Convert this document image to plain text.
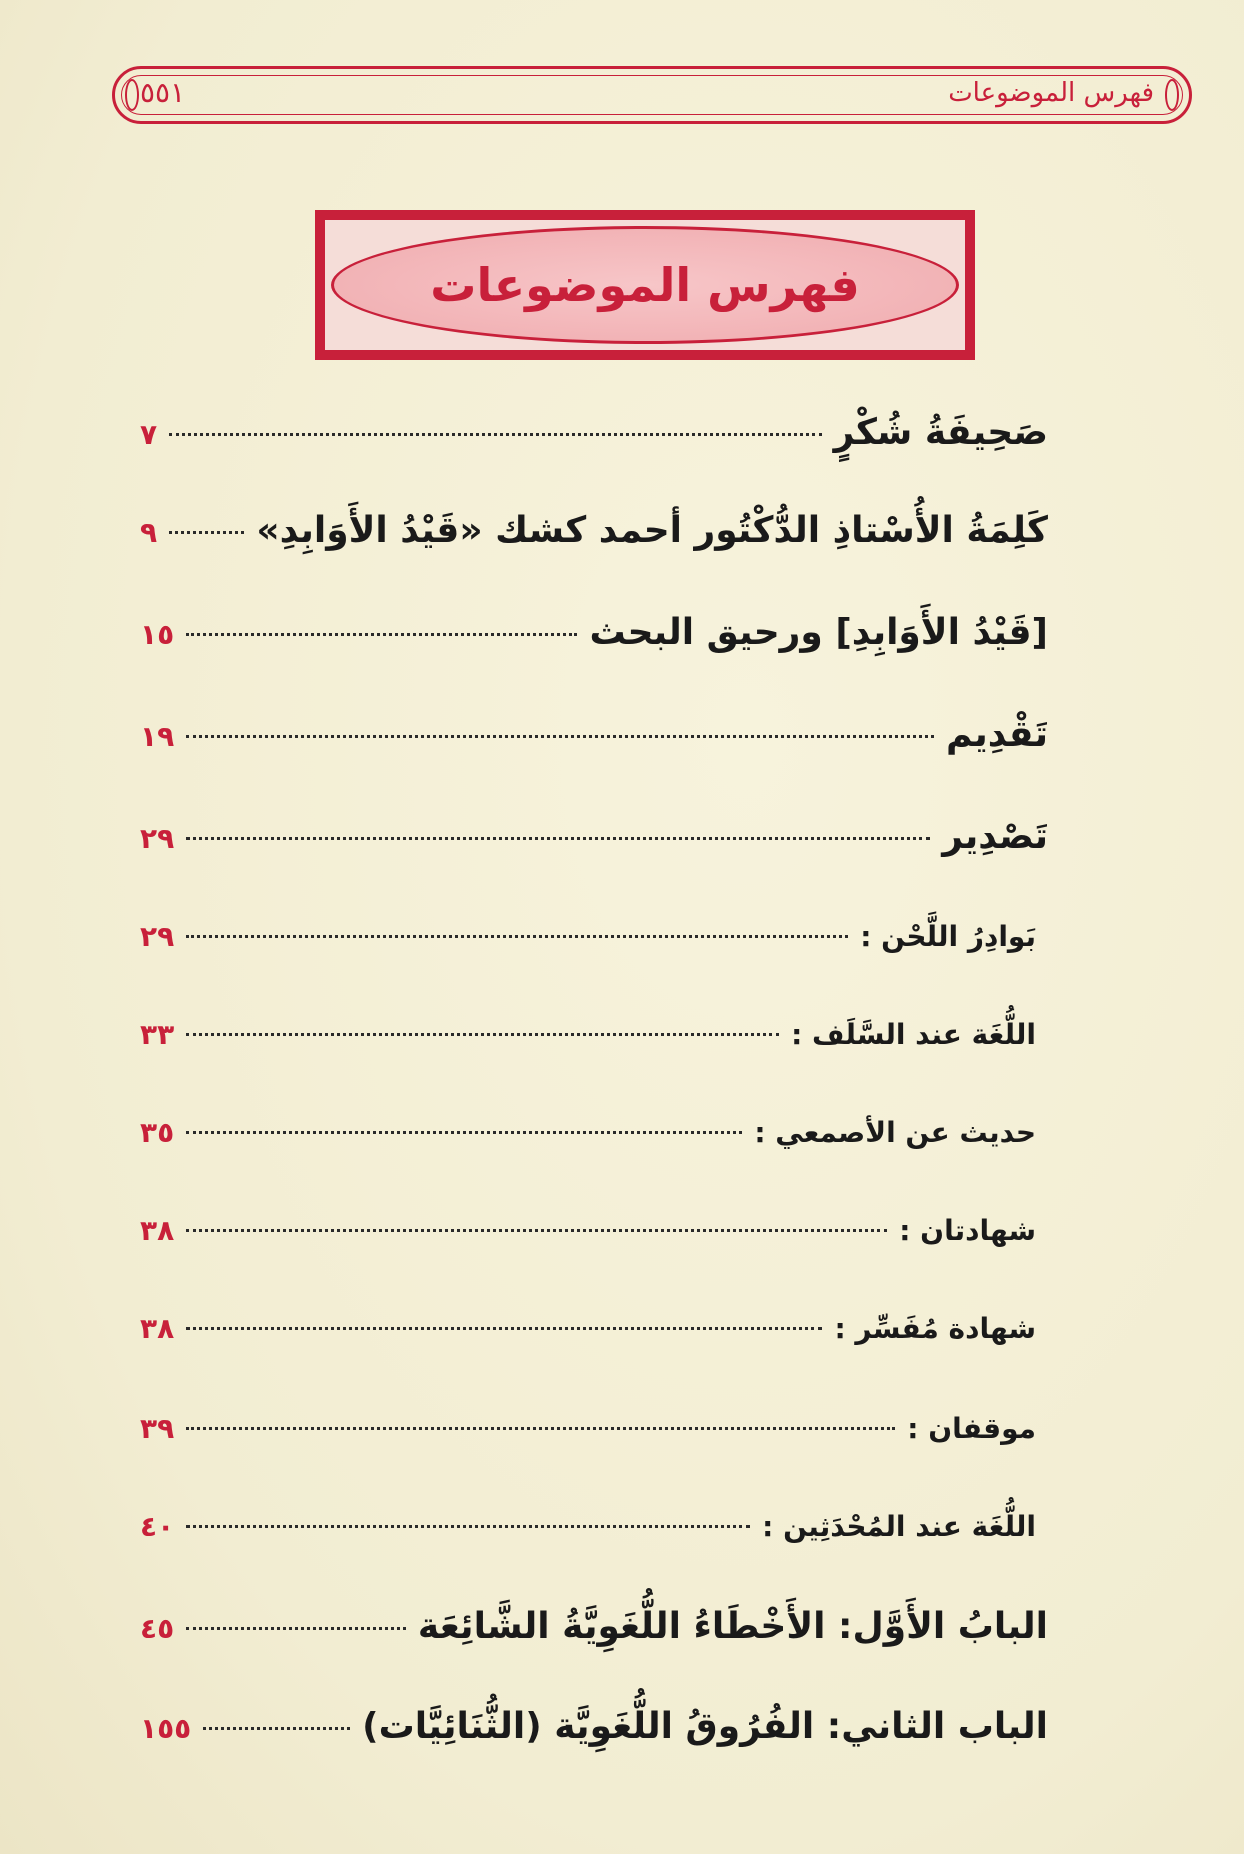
٥٥١	فهرس الموضوعات
فهرس الموضوعات
صَحِيفَةُ شُكْرٍ
٧
كَلِمَةُ الأُسْتاذِ الدُّكْتُور أحمد كشك «قَيْدُ الأَوَابِدِ»
٩
[قَيْدُ الأَوَابِدِ] ورحيق البحث
١٥
تَقْدِيم
١٩
تَصْدِير
٢٩
بَوادِرُ اللَّحْن :
٢٩
اللُّغَة عند السَّلَف :
٣٣
حديث عن الأصمعي :
٣٥
شهادتان :
٣٨
شهادة مُفَسِّر :
٣٨
موقفان :
٣٩
اللُّغَة عند المُحْدَثِين :
٤٠
البابُ الأَوَّل: الأَخْطَاءُ اللُّغَوِيَّةُ الشَّائِعَة
٤٥
الباب الثاني: الفُرُوقُ اللُّغَوِيَّة (الثُّنَائِيَّات)
١٥٥
